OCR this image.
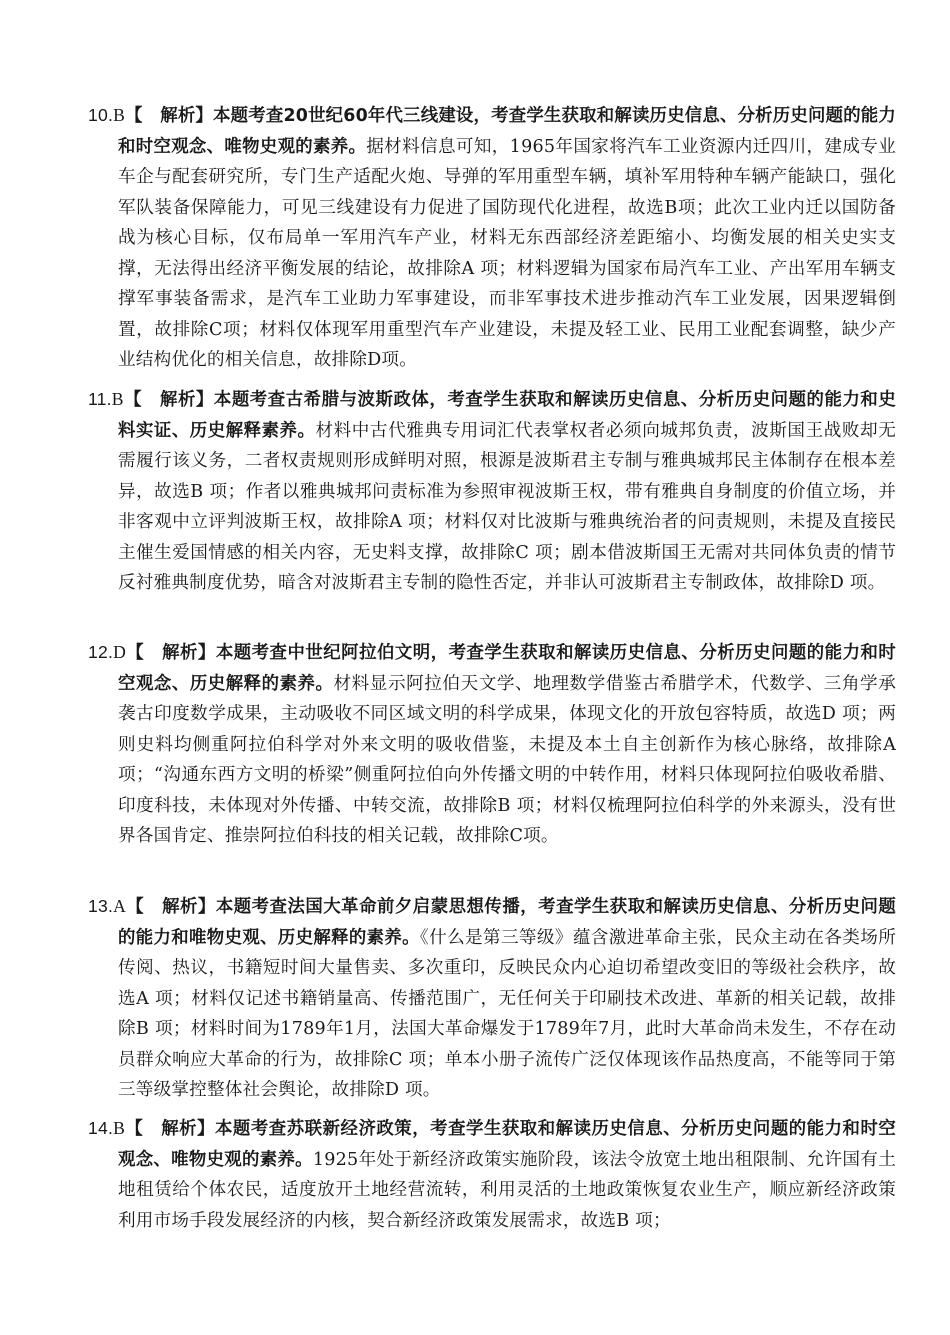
10.B【　解析】本题考查20世纪60年代三线建设，考查学生获取和解读历史信息、分析历史问题的能力和时空观念、唯物史观的素养。据材料信息可知，1965年国家将汽车工业资源内迁四川，建成专业车企与配套研究所，专门生产适配火炮、导弹的军用重型车辆，填补军用特种车辆产能缺口，强化军队装备保障能力，可见三线建设有力促进了国防现代化进程，故选B项；此次工业内迁以国防备战为核心目标，仅布局单一军用汽车产业，材料无东西部经济差距缩小、均衡发展的相关史实支撑，无法得出经济平衡发展的结论，故排除A 项；材料逻辑为国家布局汽车工业、产出军用车辆支撑军事装备需求，是汽车工业助力军事建设，而非军事技术进步推动汽车工业发展，因果逻辑倒置，故排除C项；材料仅体现军用重型汽车产业建设，未提及轻工业、民用工业配套调整，缺少产业结构优化的相关信息，故排除D项。
11.B【　解析】本题考查古希腊与波斯政体，考查学生获取和解读历史信息、分析历史问题的能力和史料实证、历史解释素养。材料中古代雅典专用词汇代表掌权者必须向城邦负责，波斯国王战败却无需履行该义务，二者权责规则形成鲜明对照，根源是波斯君主专制与雅典城邦民主体制存在根本差异，故选B 项；作者以雅典城邦问责标准为参照审视波斯王权，带有雅典自身制度的价值立场，并非客观中立评判波斯王权，故排除A 项；材料仅对比波斯与雅典统治者的问责规则，未提及直接民主催生爱国情感的相关内容，无史料支撑，故排除C 项；剧本借波斯国王无需对共同体负责的情节反衬雅典制度优势，暗含对波斯君主专制的隐性否定，并非认可波斯君主专制政体，故排除D 项。
12.D【　解析】本题考查中世纪阿拉伯文明，考查学生获取和解读历史信息、分析历史问题的能力和时空观念、历史解释的素养。材料显示阿拉伯天文学、地理数学借鉴古希腊学术，代数学、三角学承袭古印度数学成果，主动吸收不同区域文明的科学成果，体现文化的开放包容特质，故选D 项；两则史料均侧重阿拉伯科学对外来文明的吸收借鉴，未提及本土自主创新作为核心脉络，故排除A 项；“沟通东西方文明的桥梁”侧重阿拉伯向外传播文明的中转作用，材料只体现阿拉伯吸收希腊、印度科技，未体现对外传播、中转交流，故排除B 项；材料仅梳理阿拉伯科学的外来源头，没有世界各国肯定、推崇阿拉伯科技的相关记载，故排除C项。
13.A【　解析】本题考查法国大革命前夕启蒙思想传播，考查学生获取和解读历史信息、分析历史问题的能力和唯物史观、历史解释的素养。《什么是第三等级》蕴含激进革命主张，民众主动在各类场所传阅、热议，书籍短时间大量售卖、多次重印，反映民众内心迫切希望改变旧的等级社会秩序，故选A 项；材料仅记述书籍销量高、传播范围广，无任何关于印刷技术改进、革新的相关记载，故排除B 项；材料时间为1789年1月，法国大革命爆发于1789年7月，此时大革命尚未发生，不存在动员群众响应大革命的行为，故排除C 项；单本小册子流传广泛仅体现该作品热度高，不能等同于第三等级掌控整体社会舆论，故排除D 项。
14.B【　解析】本题考查苏联新经济政策，考查学生获取和解读历史信息、分析历史问题的能力和时空观念、唯物史观的素养。1925年处于新经济政策实施阶段，该法令放宽土地出租限制、允许国有土地租赁给个体农民，适度放开土地经营流转，利用灵活的土地政策恢复农业生产，顺应新经济政策利用市场手段发展经济的内核，契合新经济政策发展需求，故选B 项；
